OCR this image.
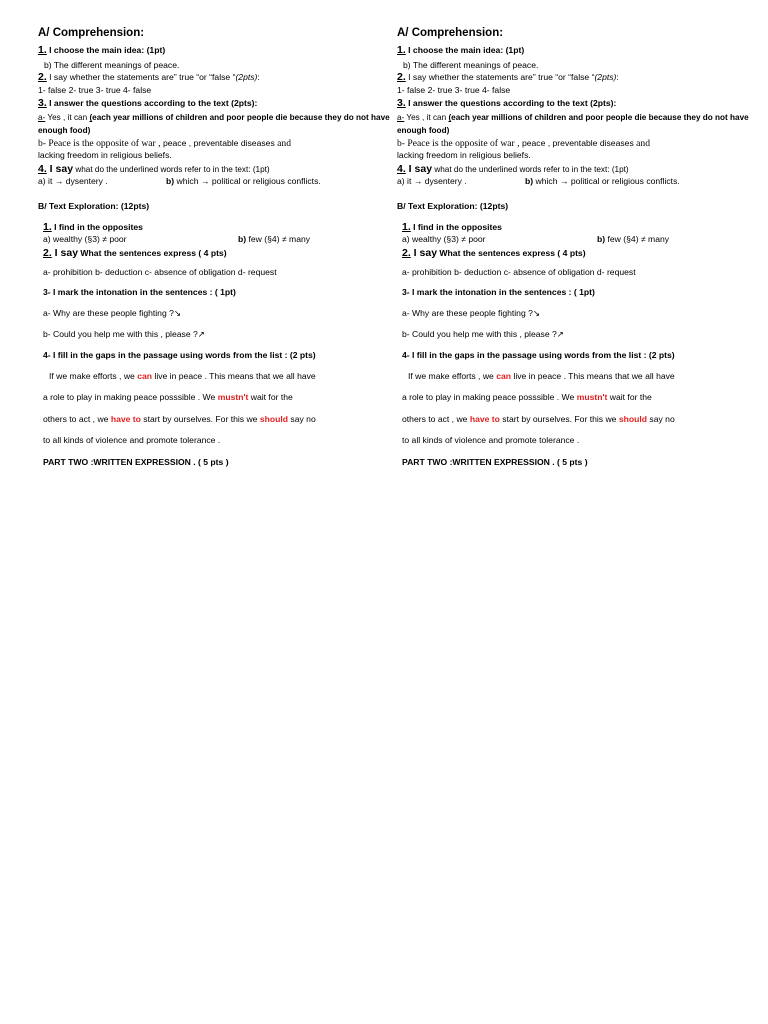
A/ Comprehension:
1. I choose the main idea: (1pt)
b) The different meanings of peace.
2. I say whether the statements are” true “or “false “(2pts):
1- false 2- true 3- true 4- false
3. I answer the questions according to the text (2pts):
a- Yes , it can (each year millions of children and poor people die because they do not have enough food)
b- Peace is the opposite of war , peace , preventable diseases and
lacking freedom in religious beliefs.
4. I say what do the underlined words refer to in the text: (1pt)
a) it → dysentery .	b) which → political or religious conflicts.
B/ Text Exploration: (12pts)
1. I find in the opposites
a) wealthy (§3) ≠ poor	b) few (§4) ≠ many
2. I say What the sentences express ( 4 pts)
a- prohibition b- deduction c- absence of obligation d- request
3- I mark the intonation in the sentences : ( 1pt)
a- Why are these people fighting ?↘
b- Could you help me with this , please ?↗
4- I fill in the gaps in the passage using words from the list : (2 pts)
If we make efforts , we can live in peace . This means that we all have
a role to play in making peace posssible . We mustn't wait for the
others to act , we have to start by ourselves. For this we should say no
to all kinds of violence and promote tolerance .
PART TWO :WRITTEN EXPRESSION . ( 5 pts )
A/ Comprehension:
1. I choose the main idea: (1pt)
b) The different meanings of peace.
2. I say whether the statements are” true “or “false “(2pts):
1- false 2- true 3- true 4- false
3. I answer the questions according to the text (2pts):
a- Yes , it can (each year millions of children and poor people die because they do not have enough food)
b- Peace is the opposite of war , peace , preventable diseases and
lacking freedom in religious beliefs.
4. I say what do the underlined words refer to in the text: (1pt)
a) it → dysentery .	b) which → political or religious conflicts.
B/ Text Exploration: (12pts)
1. I find in the opposites
a) wealthy (§3) ≠ poor	b) few (§4) ≠ many
2. I say What the sentences express ( 4 pts)
a- prohibition b- deduction c- absence of obligation d- request
3- I mark the intonation in the sentences : ( 1pt)
a- Why are these people fighting ?↘
b- Could you help me with this , please ?↗
4- I fill in the gaps in the passage using words from the list : (2 pts)
If we make efforts , we can live in peace . This means that we all have
a role to play in making peace posssible . We mustn't wait for the
others to act , we have to start by ourselves. For this we should say no
to all kinds of violence and promote tolerance .
PART TWO :WRITTEN EXPRESSION . ( 5 pts )
